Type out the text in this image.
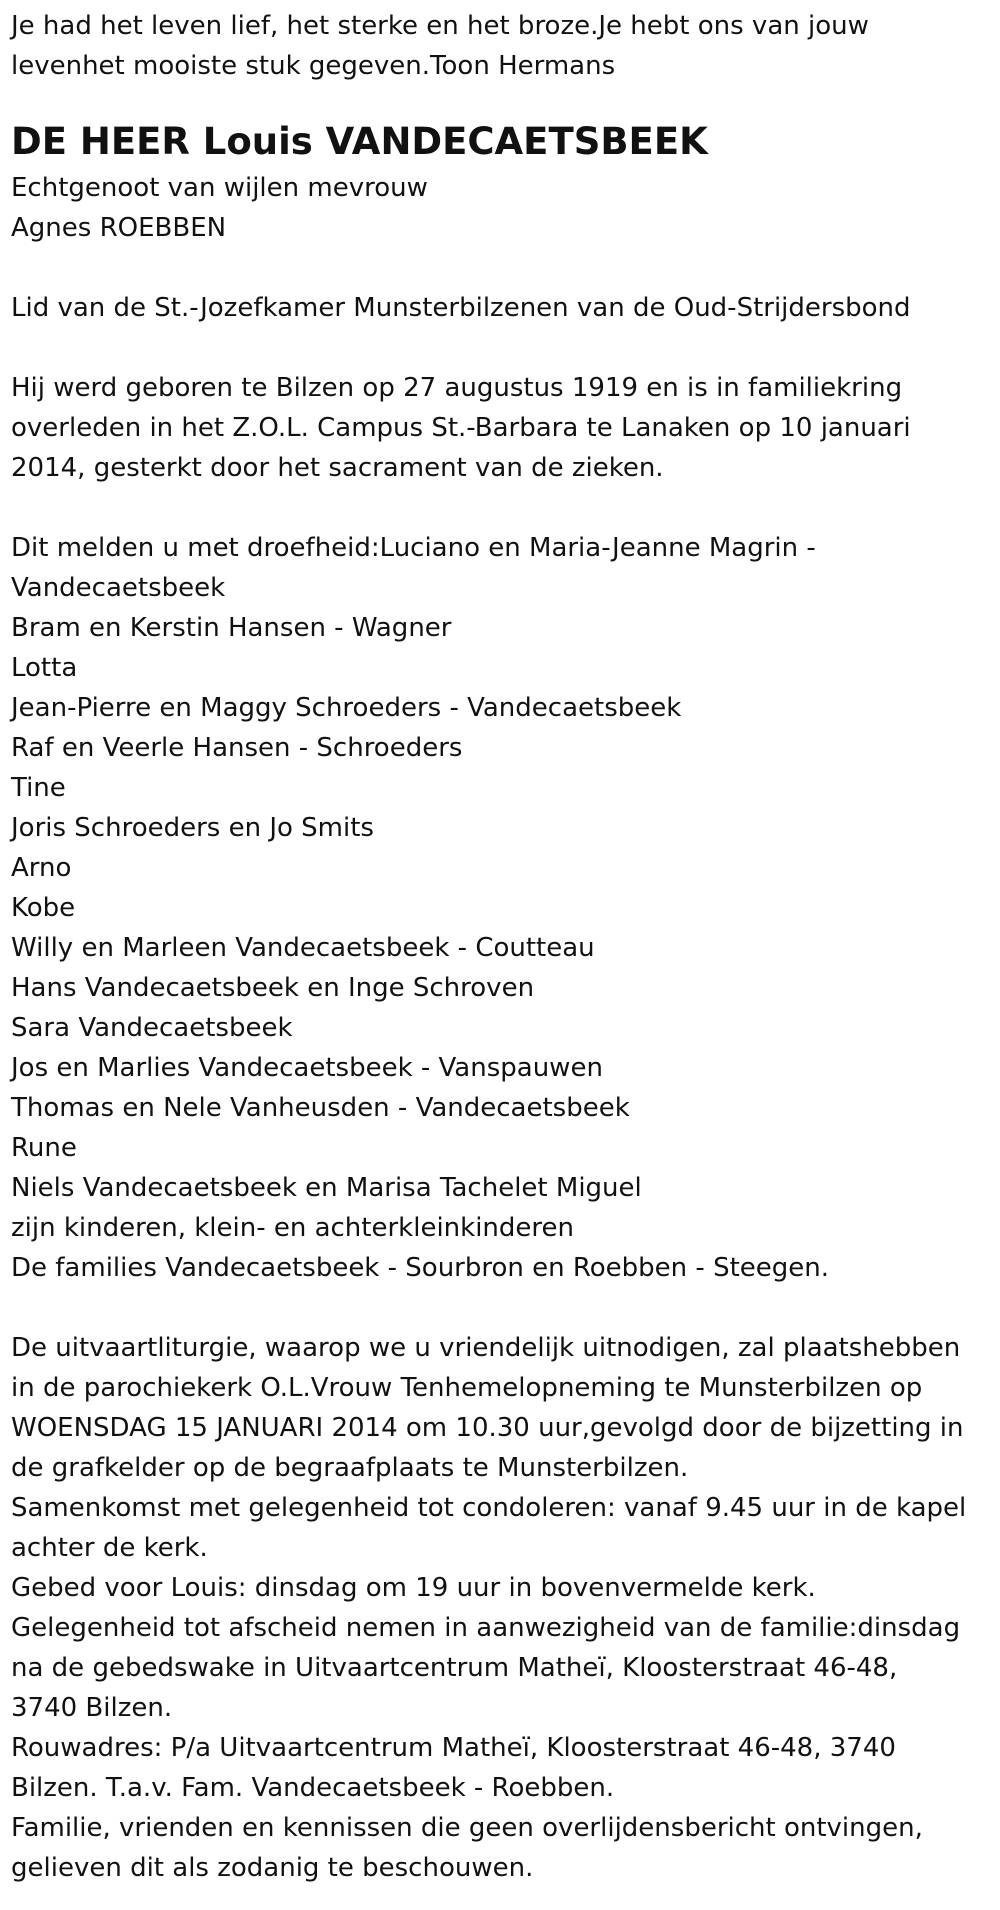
Je had het leven lief, het sterke en het broze.Je hebt ons van jouw
levenhet mooiste stuk gegeven.Toon Hermans
DE HEER Louis VANDECAETSBEEK
Echtgenoot van wijlen mevrouw
Agnes ROEBBEN
Lid van de St.-Jozefkamer Munsterbilzenen van de Oud-Strijdersbond
Hij werd geboren te Bilzen op 27 augustus 1919 en is in familiekring
overleden in het Z.O.L. Campus St.-Barbara te Lanaken op 10 januari
2014, gesterkt door het sacrament van de zieken.
Dit melden u met droefheid:Luciano en Maria-Jeanne Magrin -
Vandecaetsbeek
Bram en Kerstin Hansen - Wagner
Lotta
Jean-Pierre en Maggy Schroeders - Vandecaetsbeek
Raf en Veerle Hansen - Schroeders
Tine
Joris Schroeders en Jo Smits
Arno
Kobe
Willy en Marleen Vandecaetsbeek - Coutteau
Hans Vandecaetsbeek en Inge Schroven
Sara Vandecaetsbeek
Jos en Marlies Vandecaetsbeek - Vanspauwen
Thomas en Nele Vanheusden - Vandecaetsbeek
Rune
Niels Vandecaetsbeek en Marisa Tachelet Miguel
zijn kinderen, klein- en achterkleinkinderen
De families Vandecaetsbeek - Sourbron en Roebben - Steegen.
De uitvaartliturgie, waarop we u vriendelijk uitnodigen, zal plaatshebben
in de parochiekerk O.L.Vrouw Tenhemelopneming te Munsterbilzen op
WOENSDAG 15 JANUARI 2014 om 10.30 uur,gevolgd door de bijzetting in
de grafkelder op de begraafplaats te Munsterbilzen.
Samenkomst met gelegenheid tot condoleren: vanaf 9.45 uur in de kapel
achter de kerk.
Gebed voor Louis: dinsdag om 19 uur in bovenvermelde kerk.
Gelegenheid tot afscheid nemen in aanwezigheid van de familie:dinsdag
na de gebedswake in Uitvaartcentrum Matheï, Kloosterstraat 46-48,
3740 Bilzen.
Rouwadres: P/a Uitvaartcentrum Matheï, Kloosterstraat 46-48, 3740
Bilzen. T.a.v. Fam. Vandecaetsbeek - Roebben.
Familie, vrienden en kennissen die geen overlijdensbericht ontvingen,
gelieven dit als zodanig te beschouwen.
